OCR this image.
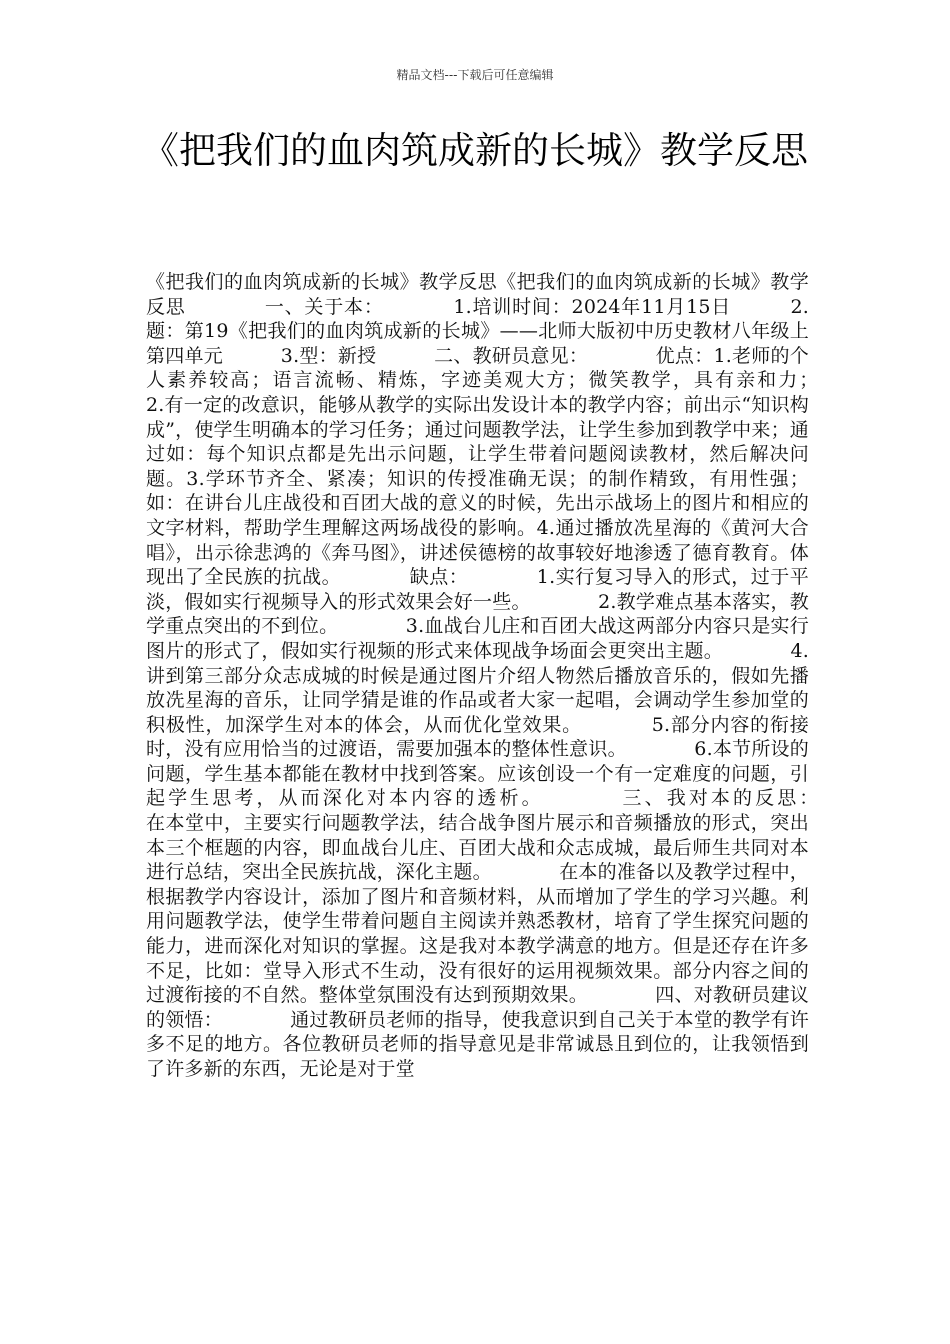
精品文档---下载后可任意编辑
《把我们的血肉筑成新的长城》教学反思

《把我们的血肉筑成新的长城》教学反思《把我们的血肉筑成新的长城》教学反思　　　　一、关于本：　　　　1.培训时间：2024年11月15日　　　2.题：第19《把我们的血肉筑成新的长城》——北师大版初中历史教材八年级上第四单元　　　3.型：新授　　　二、教研员意见：　　　　优点：1.老师的个人素养较高；语言流畅、精炼，字迹美观大方；微笑教学，具有亲和力；　　　　2.有一定的改意识，能够从教学的实际出发设计本的教学内容；前出示“知识构成”，使学生明确本的学习任务；通过问题教学法，让学生参加到教学中来；通过如：每个知识点都是先出示问题，让学生带着问题阅读教材，然后解决问题。3.学环节齐全、紧凑；知识的传授准确无误；的制作精致，有用性强；如：在讲台儿庄战役和百团大战的意义的时候，先出示战场上的图片和相应的文字材料，帮助学生理解这两场战役的影响。4.通过播放冼星海的《黄河大合唱》，出示徐悲鸿的《奔马图》，讲述侯德榜的故事较好地渗透了德育教育。体现出了全民族的抗战。　　　　缺点：　　　　1.实行复习导入的形式，过于平淡，假如实行视频导入的形式效果会好一些。　　　　2.教学难点基本落实，教学重点突出的不到位。　　　　3.血战台儿庄和百团大战这两部分内容只是实行图片的形式了，假如实行视频的形式来体现战争场面会更突出主题。　　　　4.讲到第三部分众志成城的时候是通过图片介绍人物然后播放音乐的，假如先播放冼星海的音乐，让同学猜是谁的作品或者大家一起唱，会调动学生参加堂的积极性，加深学生对本的体会，从而优化堂效果。　　　　5.部分内容的衔接时，没有应用恰当的过渡语，需要加强本的整体性意识。　　　　6.本节所设的问题，学生基本都能在教材中找到答案。应该创设一个有一定难度的问题，引起学生思考，从而深化对本内容的透析。　　　　三、我对本的反思：　　　　在本堂中，主要实行问题教学法，结合战争图片展示和音频播放的形式，突出本三个框题的内容，即血战台儿庄、百团大战和众志成城，最后师生共同对本进行总结，突出全民族抗战，深化主题。　　　　在本的准备以及教学过程中，根据教学内容设计，添加了图片和音频材料，从而增加了学生的学习兴趣。利用问题教学法，使学生带着问题自主阅读并熟悉教材，培育了学生探究问题的能力，进而深化对知识的掌握。这是我对本教学满意的地方。但是还存在许多不足，比如：堂导入形式不生动，没有很好的运用视频效果。部分内容之间的过渡衔接的不自然。整体堂氛围没有达到预期效果。　　　　四、对教研员建议的领悟：　　　　通过教研员老师的指导，使我意识到自己关于本堂的教学有许多不足的地方。各位教研员老师的指导意见是非常诚恳且到位的，让我领悟到了许多新的东西，无论是对于堂
